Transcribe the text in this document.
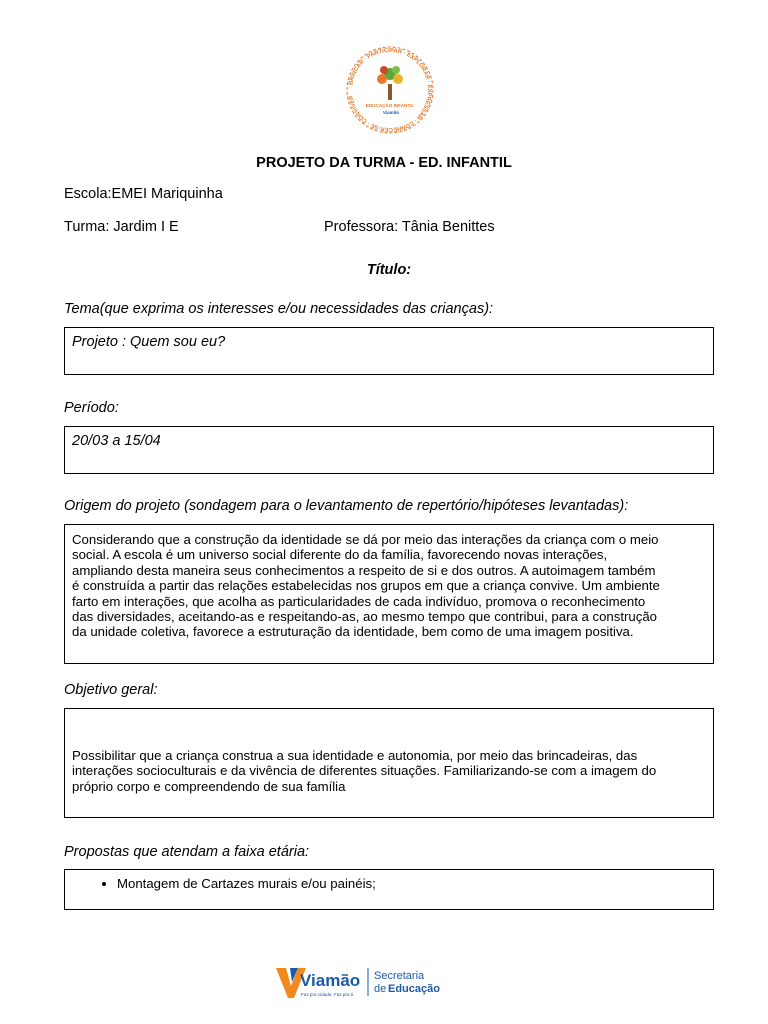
BRINCAR · PARTICIPAR · EXPLORAR · EXPRESSAR · CONHECER-SE · CONVIVER
EDUCAÇÃO INFANTIL
Viamão
PROJETO DA TURMA - ED. INFANTIL
Escola:EMEI Mariquinha
Turma: Jardim I E	Professora: Tânia Benittes
Título:
Tema(que exprima os interesses e/ou necessidades das crianças):
Projeto : Quem sou eu?
Período:
20/03 a 15/04
Origem do projeto (sondagem para o levantamento de repertório/hipóteses levantadas):
Considerando que a construção da identidade se dá por meio das interações da criança com o meio
social. A escola é um universo social diferente do da família, favorecendo novas interações,
ampliando desta maneira seus conhecimentos a respeito de si e dos outros. A autoimagem também
é construída a partir das relações estabelecidas nos grupos em que a criança convive. Um ambiente
farto em interações, que acolha as particularidades de cada indivíduo, promova o reconhecimento
das diversidades, aceitando-as e respeitando-as, ao mesmo tempo que contribui, para a construção
da unidade coletiva, favorece a estruturação da identidade, bem como de uma imagem positiva.
Objetivo geral:
Possibilitar que a criança construa a sua identidade e autonomia, por meio das brincadeiras, das
interações socioculturais e da vivência de diferentes situações. Familiarizando-se com a imagem do
próprio corpo e compreendendo de sua família
Propostas que atendam a faixa etária:
• Montagem de Cartazes murais e/ou painéis;
Viamão
Faz pra cidade. Faz pra ti.
Secretaria
de Educação
